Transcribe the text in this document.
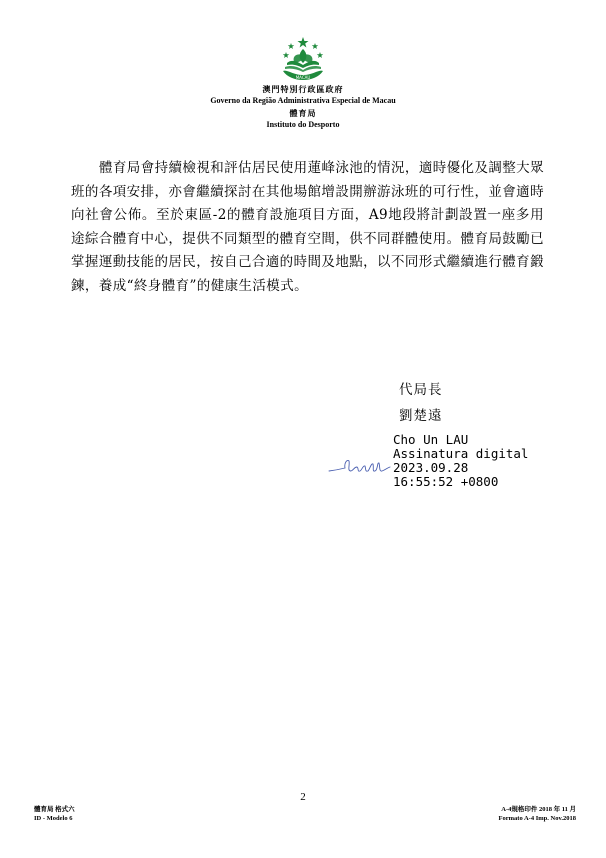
MACAU
澳門特別行政區政府
Governo da Região Administrativa Especial de Macau
體育局
Instituto do Desporto
體育局會持續檢視和評估居民使用蓮峰泳池的情況，適時優化及調整大眾班的各項安排，亦會繼續探討在其他場館增設開辦游泳班的可行性，並會適時向社會公佈。至於東區-2的體育設施項目方面，A9地段將計劃設置一座多用途綜合體育中心，提供不同類型的體育空間，供不同群體使用。體育局鼓勵已掌握運動技能的居民，按自己合適的時間及地點，以不同形式繼續進行體育鍛鍊，養成“終身體育”的健康生活模式。
代局長
劉楚遠
Cho Un LAU
Assinatura digital
2023.09.28
16:55:52 +0800
2
體育局 格式六
ID - Modelo 6
A-4規格印件 2018 年 11 月
Formato A-4 Imp. Nov.2018
